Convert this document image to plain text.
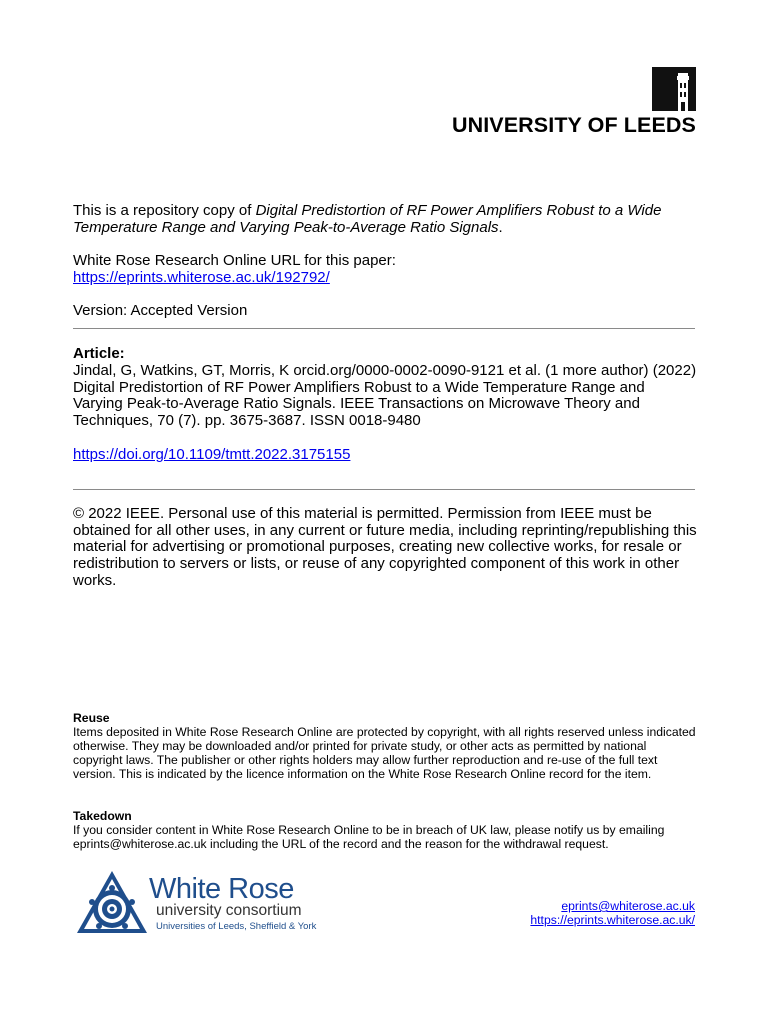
UNIVERSITY OF LEEDS
This is a repository copy of Digital Predistortion of RF Power Amplifiers Robust to a Wide Temperature Range and Varying Peak-to-Average Ratio Signals.
White Rose Research Online URL for this paper:
https://eprints.whiterose.ac.uk/192792/
Version: Accepted Version
Article:
Jindal, G, Watkins, GT, Morris, K orcid.org/0000-0002-0090-9121 et al. (1 more author) (2022) Digital Predistortion of RF Power Amplifiers Robust to a Wide Temperature Range and Varying Peak-to-Average Ratio Signals. IEEE Transactions on Microwave Theory and Techniques, 70 (7). pp. 3675-3687. ISSN 0018-9480
https://doi.org/10.1109/tmtt.2022.3175155
© 2022 IEEE. Personal use of this material is permitted. Permission from IEEE must be obtained for all other uses, in any current or future media, including reprinting/republishing this material for advertising or promotional purposes, creating new collective works, for resale or redistribution to servers or lists, or reuse of any copyrighted component of this work in other works.
Reuse
Items deposited in White Rose Research Online are protected by copyright, with all rights reserved unless indicated otherwise. They may be downloaded and/or printed for private study, or other acts as permitted by national copyright laws. The publisher or other rights holders may allow further reproduction and re-use of the full text version. This is indicated by the licence information on the White Rose Research Online record for the item.
Takedown
If you consider content in White Rose Research Online to be in breach of UK law, please notify us by emailing eprints@whiterose.ac.uk including the URL of the record and the reason for the withdrawal request.
White Rose
university consortium
Universities of Leeds, Sheffield & York
eprints@whiterose.ac.uk
https://eprints.whiterose.ac.uk/
